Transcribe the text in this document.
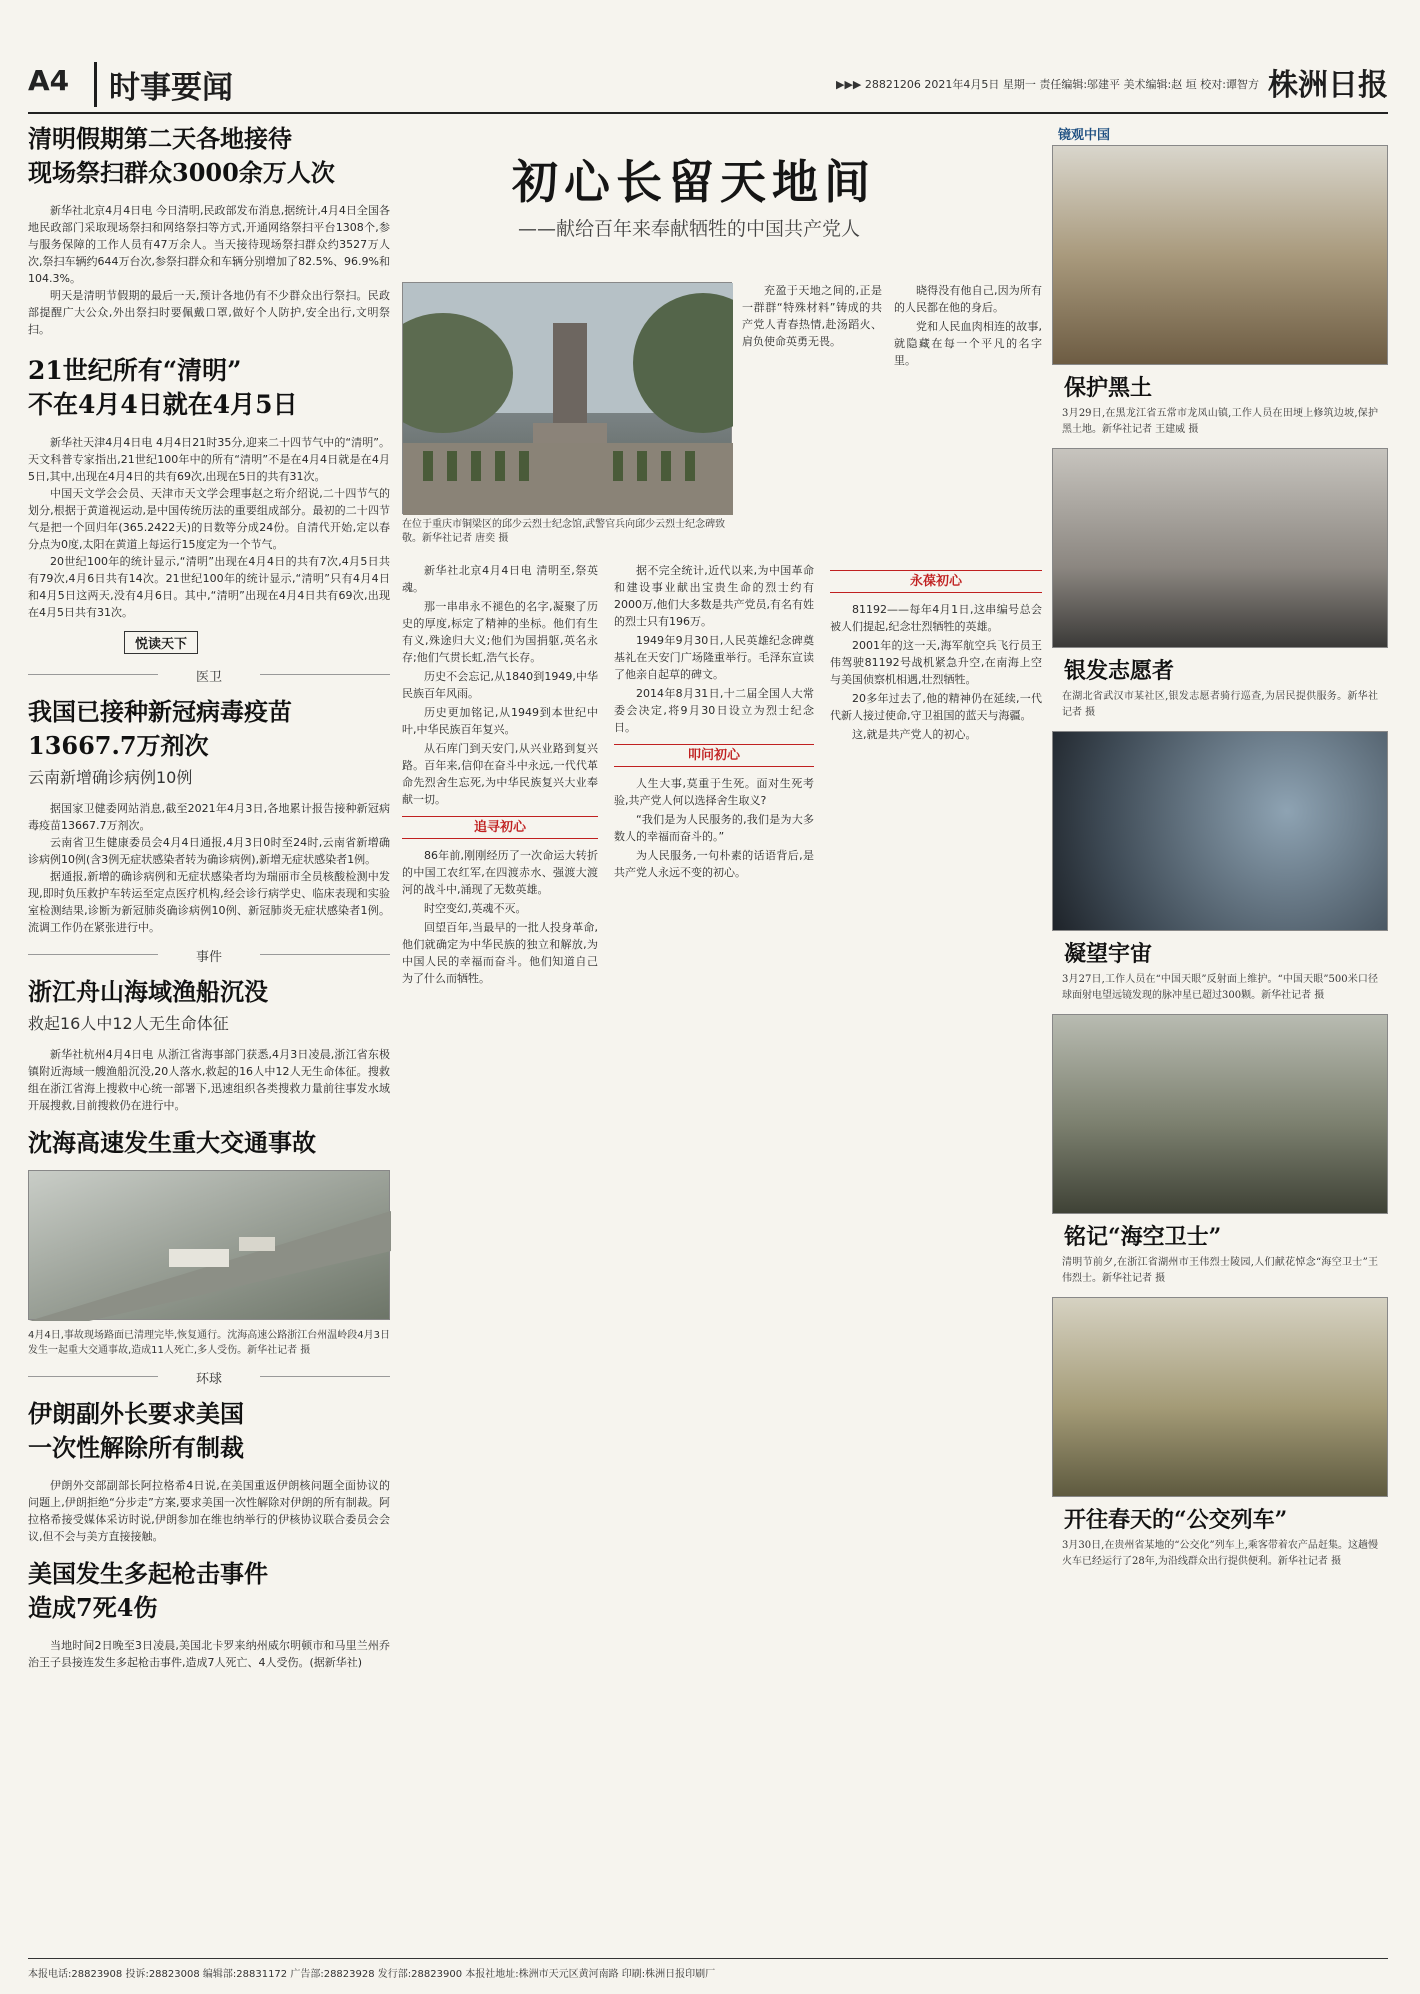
A4	时事要闻	▶▶▶ 28821206 2021年4月5日 星期一 责任编辑:邬建平 美术编辑:赵 垣 校对:谭智方 株洲日报
清明假期第二天各地接待
现场祭扫群众3000余万人次

新华社北京4月4日电 今日清明,民政部发布消息,据统计,4月4日全国各地民政部门采取现场祭扫和网络祭扫等方式,开通网络祭扫平台1308个,参与服务保障的工作人员有47万余人。当天接待现场祭扫群众约3527万人次,祭扫车辆约644万台次,参祭扫群众和车辆分别增加了82.5%、96.9%和104.3%。

明天是清明节假期的最后一天,预计各地仍有不少群众出行祭扫。民政部提醒广大公众,外出祭扫时要佩戴口罩,做好个人防护,安全出行,文明祭扫。

21世纪所有“清明”
不在4月4日就在4月5日

新华社天津4月4日电 4月4日21时35分,迎来二十四节气中的“清明”。天文科普专家指出,21世纪100年中的所有“清明”不是在4月4日就是在4月5日,其中,出现在4月4日的共有69次,出现在5日的共有31次。

中国天文学会会员、天津市天文学会理事赵之珩介绍说,二十四节气的划分,根据于黄道视运动,是中国传统历法的重要组成部分。最初的二十四节气是把一个回归年(365.2422天)的日数等分成24份。自清代开始,定以春分点为0度,太阳在黄道上每运行15度定为一个节气。

20世纪100年的统计显示,“清明”出现在4月4日的共有7次,4月5日共有79次,4月6日共有14次。21世纪100年的统计显示,“清明”只有4月4日和4月5日这两天,没有4月6日。其中,“清明”出现在4月4日共有69次,出现在4月5日共有31次。

悦读天下
医卫
我国已接种新冠病毒疫苗
13667.7万剂次
云南新增确诊病例10例

据国家卫健委网站消息,截至2021年4月3日,各地累计报告接种新冠病毒疫苗13667.7万剂次。

云南省卫生健康委员会4月4日通报,4月3日0时至24时,云南省新增确诊病例10例(含3例无症状感染者转为确诊病例),新增无症状感染者1例。

据通报,新增的确诊病例和无症状感染者均为瑞丽市全员核酸检测中发现,即时负压救护车转运至定点医疗机构,经会诊行病学史、临床表现和实验室检测结果,诊断为新冠肺炎确诊病例10例、新冠肺炎无症状感染者1例。流调工作仍在紧张进行中。

事件
浙江舟山海域渔船沉没
救起16人中12人无生命体征

新华社杭州4月4日电 从浙江省海事部门获悉,4月3日凌晨,浙江省东极镇附近海域一艘渔船沉没,20人落水,救起的16人中12人无生命体征。搜救组在浙江省海上搜救中心统一部署下,迅速组织各类搜救力量前往事发水域开展搜救,目前搜救仍在进行中。

沈海高速发生重大交通事故
4月4日,事故现场路面已清理完毕,恢复通行。沈海高速公路浙江台州温岭段4月3日发生一起重大交通事故,造成11人死亡,多人受伤。新华社记者 摄
环球
伊朗副外长要求美国
一次性解除所有制裁

伊朗外交部副部长阿拉格希4日说,在美国重返伊朗核问题全面协议的问题上,伊朗拒绝“分步走”方案,要求美国一次性解除对伊朗的所有制裁。阿拉格希接受媒体采访时说,伊朗参加在维也纳举行的伊核协议联合委员会会议,但不会与美方直接接触。

美国发生多起枪击事件
造成7死4伤

当地时间2日晚至3日凌晨,美国北卡罗来纳州威尔明顿市和马里兰州乔治王子县接连发生多起枪击事件,造成7人死亡、4人受伤。(据新华社)

初心长留天地间
——献给百年来奉献牺牲的中国共产党人
在位于重庆市铜梁区的邱少云烈士纪念馆,武警官兵向邱少云烈士纪念碑致敬。新华社记者 唐奕 摄

充盈于天地之间的,正是一群群“特殊材料”铸成的共产党人青春热情,赴汤蹈火、肩负使命英勇无畏。

晓得没有他自己,因为所有的人民都在他的身后。

党和人民血肉相连的故事,就隐藏在每一个平凡的名字里。

新华社北京4月4日电 清明至,祭英魂。

那一串串永不褪色的名字,凝聚了历史的厚度,标定了精神的坐标。他们有生有义,殊途归大义;他们为国捐躯,英名永存;他们气贯长虹,浩气长存。

历史不会忘记,从1840到1949,中华民族百年风雨。

历史更加铭记,从1949到本世纪中叶,中华民族百年复兴。

从石库门到天安门,从兴业路到复兴路。百年来,信仰在奋斗中永远,一代代革命先烈舍生忘死,为中华民族复兴大业奉献一切。

追寻初心

86年前,刚刚经历了一次命运大转折的中国工农红军,在四渡赤水、强渡大渡河的战斗中,涌现了无数英雄。

时空变幻,英魂不灭。

回望百年,当最早的一批人投身革命,他们就确定为中华民族的独立和解放,为中国人民的幸福而奋斗。他们知道自己为了什么而牺牲。

据不完全统计,近代以来,为中国革命和建设事业献出宝贵生命的烈士约有2000万,他们大多数是共产党员,有名有姓的烈士只有196万。

1949年9月30日,人民英雄纪念碑奠基礼在天安门广场隆重举行。毛泽东宣读了他亲自起草的碑文。

2014年8月31日,十二届全国人大常委会决定,将9月30日设立为烈士纪念日。

叩问初心

人生大事,莫重于生死。面对生死考验,共产党人何以选择舍生取义?

“我们是为人民服务的,我们是为大多数人的幸福而奋斗的。”

为人民服务,一句朴素的话语背后,是共产党人永远不变的初心。

永葆初心

81192——每年4月1日,这串编号总会被人们提起,纪念壮烈牺牲的英雄。

2001年的这一天,海军航空兵飞行员王伟驾驶81192号战机紧急升空,在南海上空与美国侦察机相遇,壮烈牺牲。

20多年过去了,他的精神仍在延续,一代代新人接过使命,守卫祖国的蓝天与海疆。

这,就是共产党人的初心。

镜观中国
保护黑土
3月29日,在黑龙江省五常市龙凤山镇,工作人员在田埂上修筑边坡,保护黑土地。新华社记者 王建威 摄
银发志愿者
在湖北省武汉市某社区,银发志愿者骑行巡查,为居民提供服务。新华社记者 摄
凝望宇宙
3月27日,工作人员在“中国天眼”反射面上维护。“中国天眼”500米口径球面射电望远镜发现的脉冲星已超过300颗。新华社记者 摄
铭记“海空卫士”
清明节前夕,在浙江省湖州市王伟烈士陵园,人们献花悼念“海空卫士”王伟烈士。新华社记者 摄
开往春天的“公交列车”
3月30日,在贵州省某地的“公交化”列车上,乘客带着农产品赶集。这趟慢火车已经运行了28年,为沿线群众出行提供便利。新华社记者 摄
本报电话:28823908 投诉:28823008 编辑部:28831172 广告部:28823928 发行部:28823900 本报社地址:株洲市天元区黄河南路 印刷:株洲日报印刷厂
